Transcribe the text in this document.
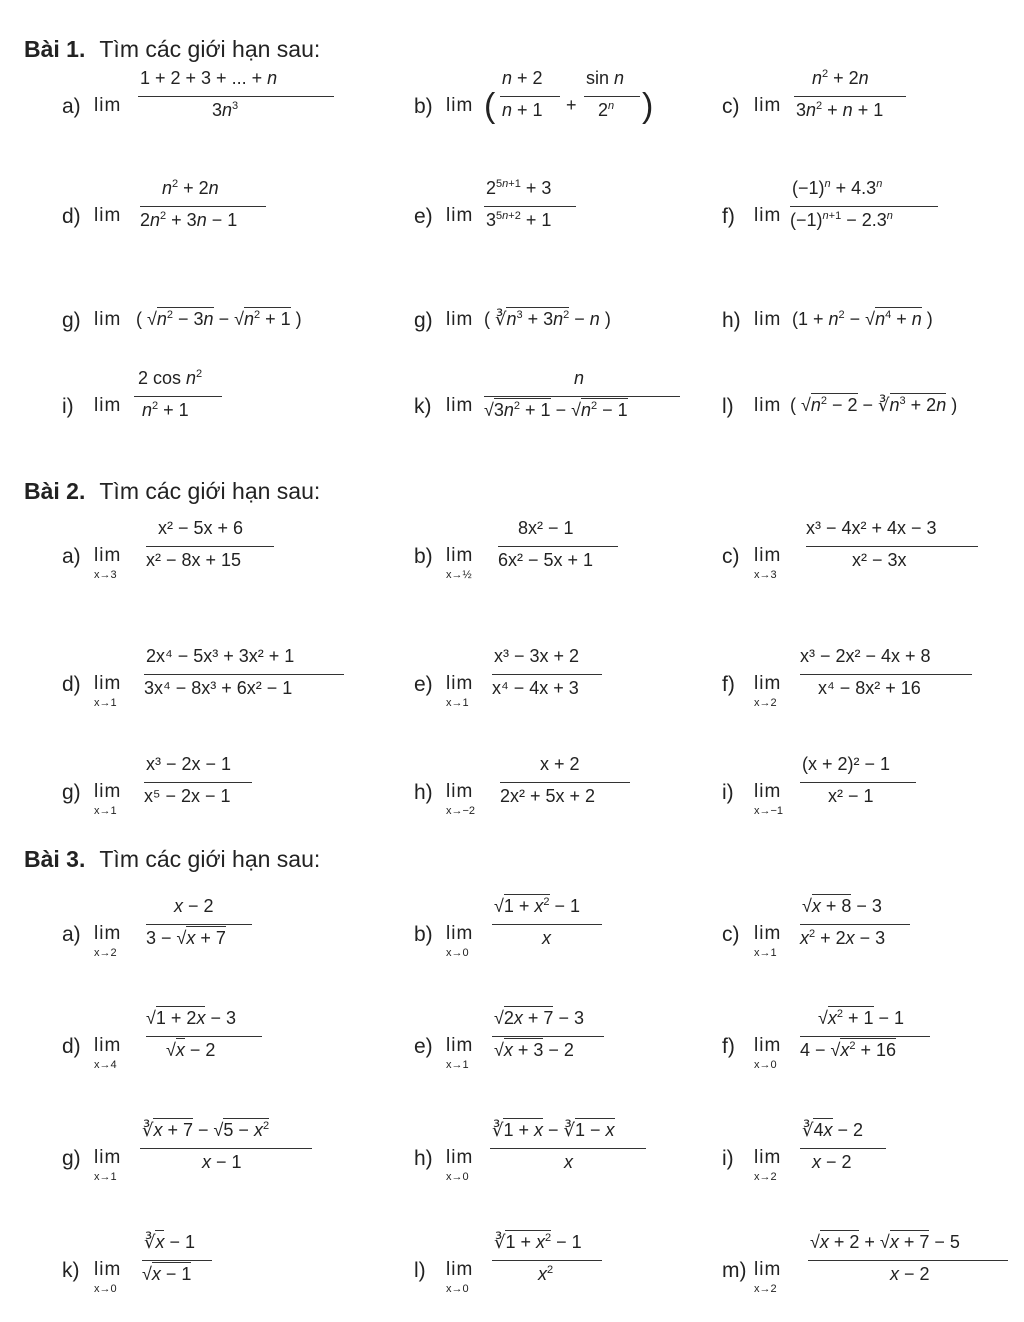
Bài 1. Tìm các giới hạn sau:
a) lim
1 + 2 + 3 + ... + n
$3n^3$	b) lim (
n + 2
n + 1 +
sin n
2$^n$ )	c) lim
$n^2 + 2n$
$3n^2 + n + 1$
d) lim
$n^2 + 2n$
$2n^2 + 3n - 1$	e) lim
$2^{5n+1} + 3$
$3^{5n+2} + 1$	f) lim
$(-1)^n + 4.3^n$
$(-1)^{n+1} - 2.3^n$
g) lim ( $√n^2 - 3n - √n^2 + 1$ )	g) lim ( $∛n^3 + 3n^2 - n$ )	h) $\lim (1 + n^2 - √n^4 + n$ )
i) lim
2 $\cos n^2$
$n^2 + 1$	k) lim
n
$√3n^2 + 1 - √n^2 - 1$	l) lim ( $√n^2 - 2$ − $∛n^3 + 2n$ )
Bài 2. Tìm các giới hạn sau:
a) lim
x→3
x² − 5x + 6
x² − 8x + 15	b) lim
x→½
8x² − 1
6x² − 5x + 1	c) lim
x→3
x³ − 4x² + 4x − 3
x² − 3x
d) lim
x→1
2x⁴ − 5x³ + 3x² + 1
3x⁴ − 8x³ + 6x² − 1	e) lim
x→1
x³ − 3x + 2
x⁴ − 4x + 3	f) lim
x→2
x³ − 2x² − 4x + 8
x⁴ − 8x² + 16
g) lim
x→1
x³ − 2x − 1
x⁵ − 2x − 1	h) lim
x→−2
x + 2
2x² + 5x + 2	i) lim
x→−1
(x + 2)² − 1
x² − 1
Bài 3. Tìm các giới hạn sau:
a) lim
x→2
x − 2
3 − √x + 7	b) lim
x→0
$√1 + x^2 - 1$
x	c) lim
x→1
√x + 8 − 3
$x^2 + 2x - 3$
d) lim
x→4
√1 + 2x − 3
√x − 2	e) lim
x→1
√2x + 7 − 3
√x + 3 − 2	f) lim
x→0
$√x^2 + 1 - 1$
$4 - √x^2 + 16$
g) lim
x→1
∛x + $7 - √5 - x^2$
x − 1	h) lim
x→0
∛1 + x − ∛1 − x
x	i) lim
x→2
∛4x − 2
x − 2
k) lim
x→0
∛x − 1
√x − 1	l) lim
x→0
∛1 + $x^2 - 1$
$x^2$	m) lim
x→2
√x + 2 + √x + 7 − 5
x − 2
